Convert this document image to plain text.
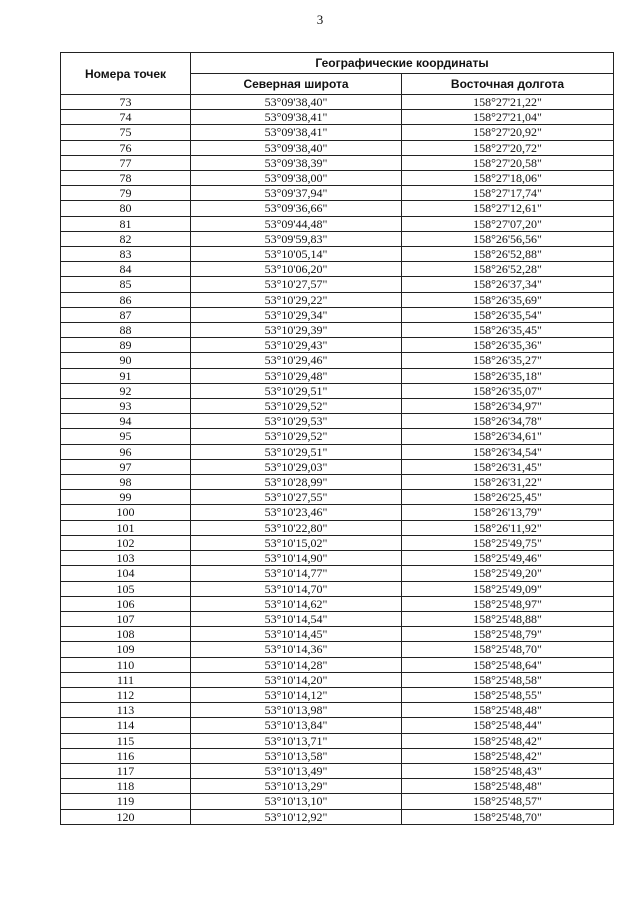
3
Номера точек	Географические координаты	
	Северная широта	Восточная долгота
73	53°09'38,40"	158°27'21,22"
74	53°09'38,41"	158°27'21,04"
75	53°09'38,41"	158°27'20,92"
76	53°09'38,40"	158°27'20,72"
77	53°09'38,39"	158°27'20,58"
78	53°09'38,00"	158°27'18,06"
79	53°09'37,94"	158°27'17,74"
80	53°09'36,66"	158°27'12,61"
81	53°09'44,48"	158°27'07,20"
82	53°09'59,83"	158°26'56,56"
83	53°10'05,14"	158°26'52,88"
84	53°10'06,20"	158°26'52,28"
85	53°10'27,57"	158°26'37,34"
86	53°10'29,22"	158°26'35,69"
87	53°10'29,34"	158°26'35,54"
88	53°10'29,39"	158°26'35,45"
89	53°10'29,43"	158°26'35,36"
90	53°10'29,46"	158°26'35,27"
91	53°10'29,48"	158°26'35,18"
92	53°10'29,51"	158°26'35,07"
93	53°10'29,52"	158°26'34,97"
94	53°10'29,53"	158°26'34,78"
95	53°10'29,52"	158°26'34,61"
96	53°10'29,51"	158°26'34,54"
97	53°10'29,03"	158°26'31,45"
98	53°10'28,99"	158°26'31,22"
99	53°10'27,55"	158°26'25,45"
100	53°10'23,46"	158°26'13,79"
101	53°10'22,80"	158°26'11,92"
102	53°10'15,02"	158°25'49,75"
103	53°10'14,90"	158°25'49,46"
104	53°10'14,77"	158°25'49,20"
105	53°10'14,70"	158°25'49,09"
106	53°10'14,62"	158°25'48,97"
107	53°10'14,54"	158°25'48,88"
108	53°10'14,45"	158°25'48,79"
109	53°10'14,36"	158°25'48,70"
110	53°10'14,28"	158°25'48,64"
111	53°10'14,20"	158°25'48,58"
112	53°10'14,12"	158°25'48,55"
113	53°10'13,98"	158°25'48,48"
114	53°10'13,84"	158°25'48,44"
115	53°10'13,71"	158°25'48,42"
116	53°10'13,58"	158°25'48,42"
117	53°10'13,49"	158°25'48,43"
118	53°10'13,29"	158°25'48,48"
119	53°10'13,10"	158°25'48,57"
120	53°10'12,92"	158°25'48,70"
